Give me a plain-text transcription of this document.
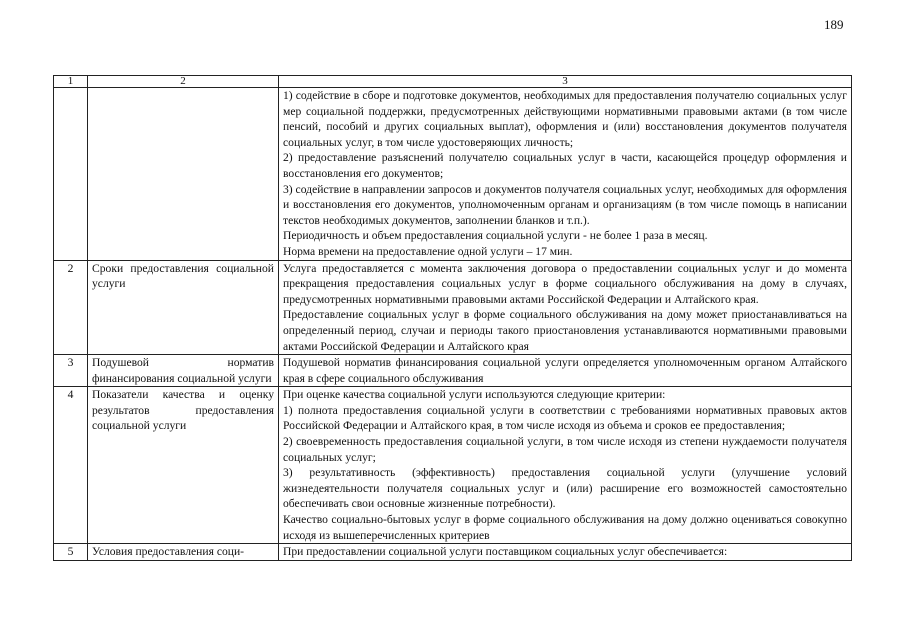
189
1	2	3

		1) содействие в сборе и подготовке документов, необходимых для предоставления получателю социальных услуг мер социальной поддержки, предусмотренных действующими нормативными правовыми актами (в том числе пенсий, пособий и других социальных выплат), оформления и (или) восстановления документов получателя социальных услуг, в том числе удостоверяющих личность;

2) предоставление разъяснений получателю социальных услуг в части, касающейся процедур оформления и восстановления его документов;

3) содействие в направлении запросов и документов получателя социальных услуг, необходимых для оформления и восстановления его документов, уполномоченным органам и организациям (в том числе помощь в написании текстов необходимых документов, заполнении бланков и т.п.).

Периодичность и объем предоставления социальной услуги - не более 1 раза в месяц.

Норма времени на предоставление одной услуги – 17 мин.

2	Сроки предоставления социальной услуги	Услуга предоставляется с момента заключения договора о предоставлении социальных услуг и до момента прекращения предоставления социальных услуг в форме социального обслуживания на дому в случаях, предусмотренных нормативными правовыми актами Российской Федерации и Алтайского края.

Предоставление социальных услуг в форме социального обслуживания на дому может приостанавливаться на определенный период, случаи и периоды такого приостановления устанавливаются нормативными правовыми актами Российской Федерации и Алтайского края

3	Подушевой норматив финансирования социальной услуги	Подушевой норматив финансирования социальной услуги определяется уполномоченным органом Алтайского края в сфере социального обслуживания

4	Показатели качества и оценку результатов предоставления социальной услуги	При оценке качества социальной услуги используются следующие критерии:

1) полнота предоставления социальной услуги в соответствии с требованиями нормативных правовых актов Российской Федерации и Алтайского края, в том числе исходя из объема и сроков ее предоставления;

2) своевременность предоставления социальной услуги, в том числе исходя из степени нуждаемости получателя социальных услуг;

3) результативность (эффективность) предоставления социальной услуги (улучшение условий жизнедеятельности получателя социальных услуг и (или) расширение его возможностей самостоятельно обеспечивать свои основные жизненные потребности).

Качество социально-бытовых услуг в форме социального обслуживания на дому должно оцениваться совокупно исходя из вышеперечисленных критериев

5	Условия предоставления соци-	При предоставлении социальной услуги поставщиком социальных услуг обеспечивается:
